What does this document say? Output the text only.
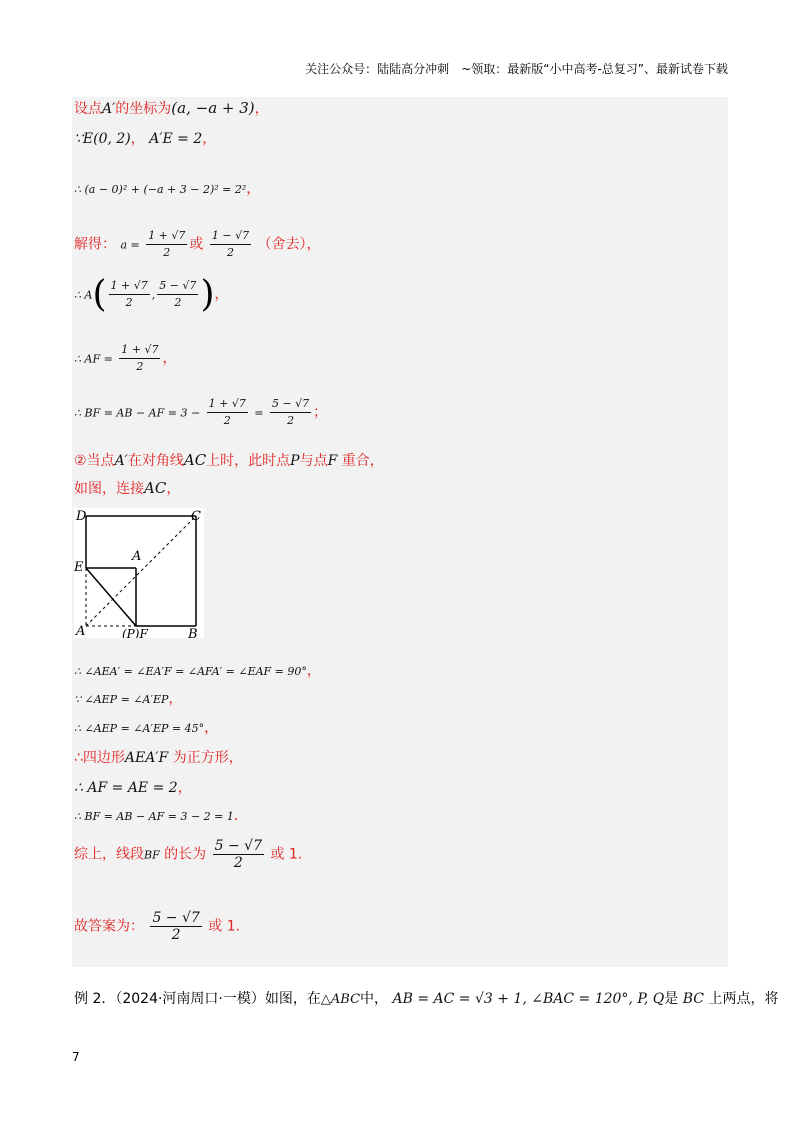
关注公众号：陆陆高分冲刺　~领取：最新版“小中高考-总复习”、最新试卷下载
设点A′的坐标为(a, −a + 3)，
∵E(0, 2)， A′E = 2，
∴ (a − 0)² + (−a + 3 − 2)² = 2²，
解得： $a = \frac{1 + √7}{2}$ 或 $\frac{1 - √7}{2}$ （舍去），
∴ $A( \frac{1 + √7}{2}$ , $\frac{5 - √7}{2}$ )，
∴ AF = $\frac{1 + √7}{2}$ ，
∴ BF = AB − AF = $3 - \frac{1 + √7}{2} = \frac{5 - √7}{2}$ ；
②当点A′在对角线AC上时，此时点P与点F 重合，
如图，连接AC，
D	C
E
A
A	(P)F	B
∴ ∠AEA′ = ∠EA′F = ∠AFA′ = ∠EAF = 90°，
∵ ∠AEP = ∠A′EP，
∴ ∠AEP = ∠A′EP = 45°，
∴四边形AEA′F 为正方形，
∴ AF = AE = 2，
∴ BF = AB − AF = 3 − 2 = 1．
综上，线段BF 的长为 $\frac{5 - √7}{2}$ 或 1.
故答案为： $\frac{5 - √7}{2}$ 或 1.
例 2．（2024·河南周口·一模）如图，在△ABC中， AB = AC = √3 + 1, ∠BAC = 120°, P, Q是 BC 上两点，将
7
